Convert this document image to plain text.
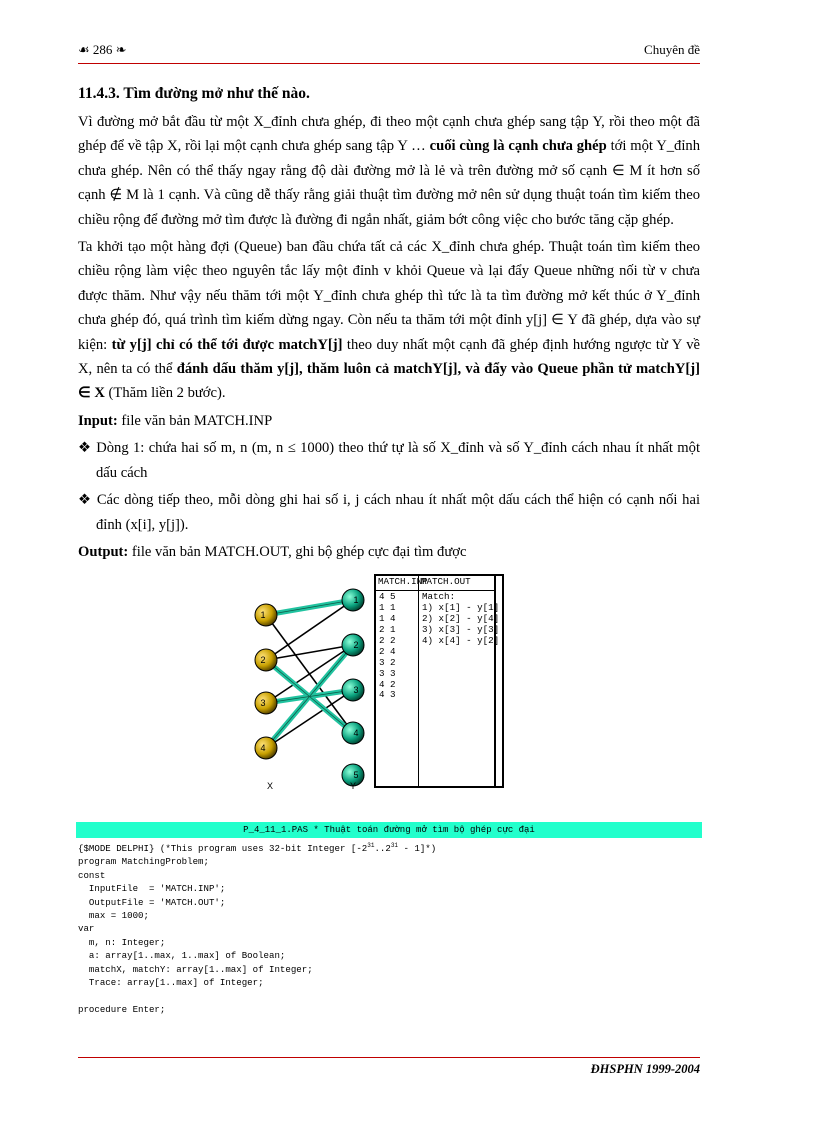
☙ 286 ❧	Chuyên đề
11.4.3. Tìm đường mở như thế nào.

Vì đường mở bắt đầu từ một X_đỉnh chưa ghép, đi theo một cạnh chưa ghép sang tập Y, rồi theo một đã ghép để về tập X, rồi lại một cạnh chưa ghép sang tập Y … cuối cùng là cạnh chưa ghép tới một Y_đỉnh chưa ghép. Nên có thể thấy ngay rằng độ dài đường mở là lẻ và trên đường mở số cạnh ∈ M ít hơn số cạnh ∉ M là 1 cạnh. Và cũng dễ thấy rằng giải thuật tìm đường mở nên sử dụng thuật toán tìm kiếm theo chiều rộng để đường mở tìm được là đường đi ngắn nhất, giảm bớt công việc cho bước tăng cặp ghép.

Ta khởi tạo một hàng đợi (Queue) ban đầu chứa tất cả các X_đỉnh chưa ghép. Thuật toán tìm kiếm theo chiều rộng làm việc theo nguyên tắc lấy một đỉnh v khỏi Queue và lại đẩy Queue những nối từ v chưa được thăm. Như vậy nếu thăm tới một Y_đỉnh chưa ghép thì tức là ta tìm đường mở kết thúc ở Y_đỉnh chưa ghép đó, quá trình tìm kiếm dừng ngay. Còn nếu ta thăm tới một đỉnh y[j] ∈ Y đã ghép, dựa vào sự kiện: từ y[j] chỉ có thể tới được matchY[j] theo duy nhất một cạnh đã ghép định hướng ngược từ Y về X, nên ta có thể đánh dấu thăm y[j], thăm luôn cả matchY[j], và đẩy vào Queue phần tử matchY[j] ∈ X (Thăm liền 2 bước).

Input: file văn bản MATCH.INP

❖ Dòng 1: chứa hai số m, n (m, n ≤ 1000) theo thứ tự là số X_đỉnh và số Y_đỉnh cách nhau ít nhất một dấu cách

❖ Các dòng tiếp theo, mỗi dòng ghi hai số i, j cách nhau ít nhất một dấu cách thể hiện có cạnh nối hai đỉnh (x[i], y[j]).

Output: file văn bản MATCH.OUT, ghi bộ ghép cực đại tìm được

1
2
3
4
1
2
3
4
5
X	Y
MATCH.INP
4 5
1 1
1 4
2 1
2 2
2 4
3 2
3 3
4 2
4 3
MATCH.OUT
Match:
1) x[1] - y[1]
2) x[2] - y[4]
3) x[3] - y[3]
4) x[4] - y[2]
P_4_11_1.PAS * Thuật toán đường mở tìm bộ ghép cực đại
{$MODE DELPHI} (*This program uses 32-bit Integer $[-2^{31}..2^{31} - 1]*$)
program MatchingProblem;
const
InputFile  = 'MATCH.INP';
OutputFile = 'MATCH.OUT';
max = 1000;
var
m, n: Integer;
a: array[1..max, 1..max] of Boolean;
matchX, matchY: array[1..max] of Integer;
Trace: array[1..max] of Integer;

procedure Enter;
ĐHSPHN 1999-2004
